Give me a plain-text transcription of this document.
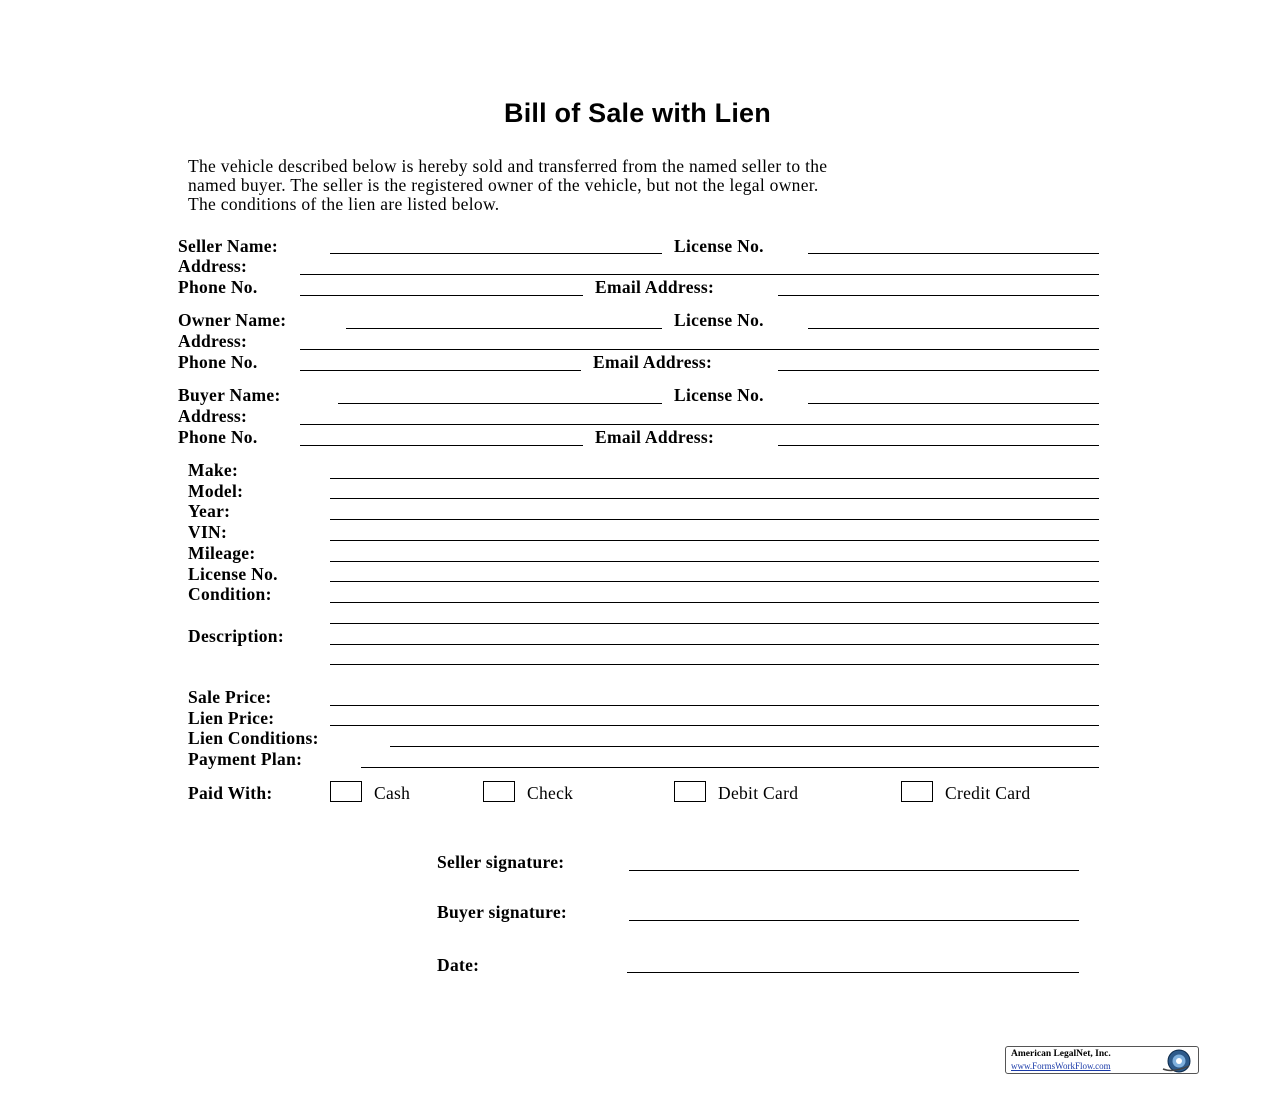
Bill of Sale with Lien
The vehicle described below is hereby sold and transferred from the named seller to the
named buyer. The seller is the registered owner of the vehicle, but not the legal owner.
The conditions of the lien are listed below.
Seller Name:	License No.
Address:
Phone No.	Email Address:
Owner Name:	License No.
Address:
Phone No.	Email Address:
Buyer Name:	License No.
Address:
Phone No.	Email Address:
Make:
Model:
Year:
VIN:
Mileage:
License No.
Condition:
Description:
Sale Price:
Lien Price:
Lien Conditions:
Payment Plan:
Paid With:	Cash	Check	Debit Card	Credit Card
Seller signature:
Buyer signature:
Date:
American LegalNet, Inc.
www.FormsWorkFlow.com
